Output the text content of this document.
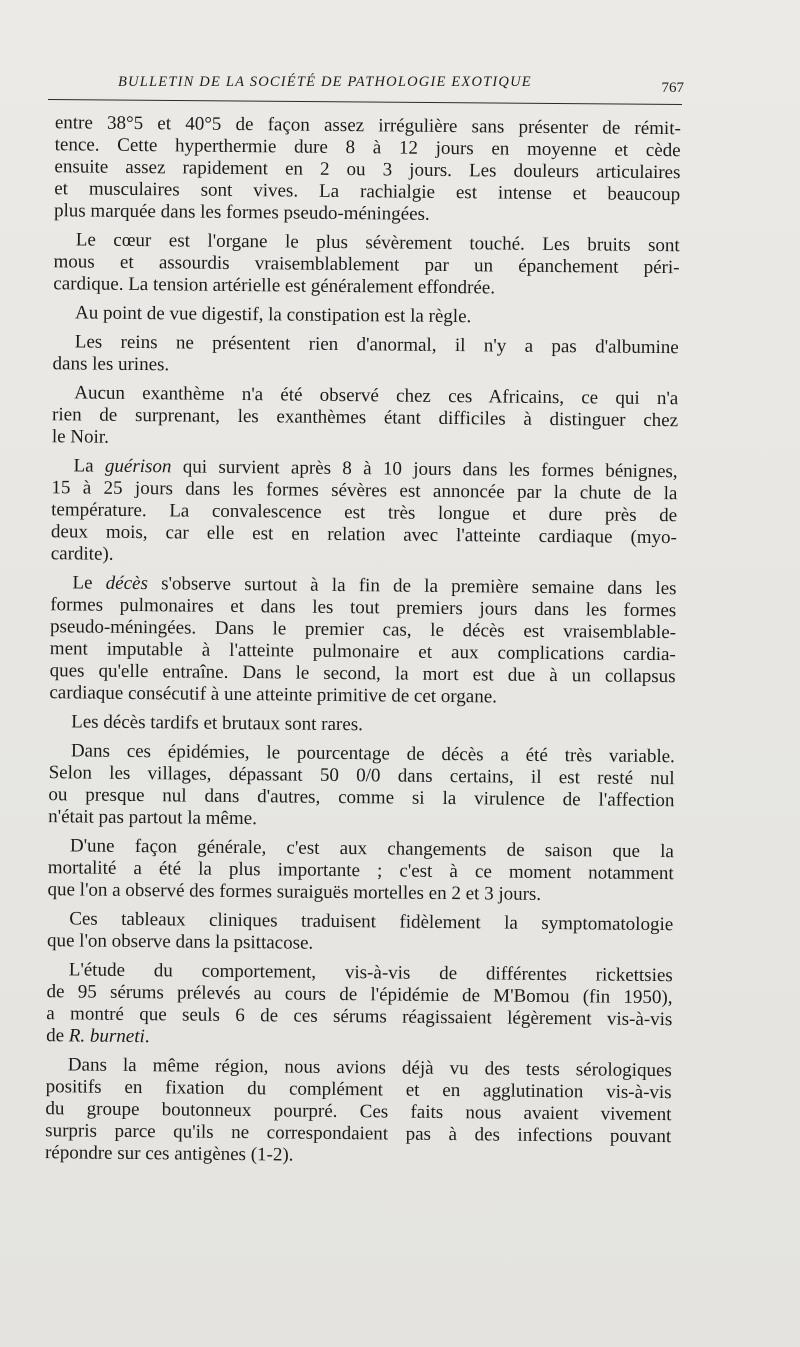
BULLETIN DE LA SOCIÉTÉ DE PATHOLOGIE EXOTIQUE	767
entre 38°5 et 40°5 de façon assez irrégulière sans présenter de rémit-
tence. Cette hyperthermie dure 8 à 12 jours en moyenne et cède
ensuite assez rapidement en 2 ou 3 jours. Les douleurs articulaires
et musculaires sont vives. La rachialgie est intense et beaucoup
plus marquée dans les formes pseudo-méningées.
Le cœur est l'organe le plus sévèrement touché. Les bruits sont
mous et assourdis vraisemblablement par un épanchement péri-
cardique. La tension artérielle est généralement effondrée.
Au point de vue digestif, la constipation est la règle.
Les reins ne présentent rien d'anormal, il n'y a pas d'albumine
dans les urines.
Aucun exanthème n'a été observé chez ces Africains, ce qui n'a
rien de surprenant, les exanthèmes étant difficiles à distinguer chez
le Noir.
La guérison qui survient après 8 à 10 jours dans les formes bénignes,
15 à 25 jours dans les formes sévères est annoncée par la chute de la
température. La convalescence est très longue et dure près de
deux mois, car elle est en relation avec l'atteinte cardiaque (myo-
cardite).
Le décès s'observe surtout à la fin de la première semaine dans les
formes pulmonaires et dans les tout premiers jours dans les formes
pseudo-méningées. Dans le premier cas, le décès est vraisemblable-
ment imputable à l'atteinte pulmonaire et aux complications cardia-
ques qu'elle entraîne. Dans le second, la mort est due à un collapsus
cardiaque consécutif à une atteinte primitive de cet organe.
Les décès tardifs et brutaux sont rares.
Dans ces épidémies, le pourcentage de décès a été très variable.
Selon les villages, dépassant 50 0/0 dans certains, il est resté nul
ou presque nul dans d'autres, comme si la virulence de l'affection
n'était pas partout la même.
D'une façon générale, c'est aux changements de saison que la
mortalité a été la plus importante ; c'est à ce moment notamment
que l'on a observé des formes suraiguës mortelles en 2 et 3 jours.
Ces tableaux cliniques traduisent fidèlement la symptomatologie
que l'on observe dans la psittacose.
L'étude du comportement, vis-à-vis de différentes rickettsies
de 95 sérums prélevés au cours de l'épidémie de M'Bomou (fin 1950),
a montré que seuls 6 de ces sérums réagissaient légèrement vis-à-vis
de R. burneti.
Dans la même région, nous avions déjà vu des tests sérologiques
positifs en fixation du complément et en agglutination vis-à-vis
du groupe boutonneux pourpré. Ces faits nous avaient vivement
surpris parce qu'ils ne correspondaient pas à des infections pouvant
répondre sur ces antigènes (1-2).
